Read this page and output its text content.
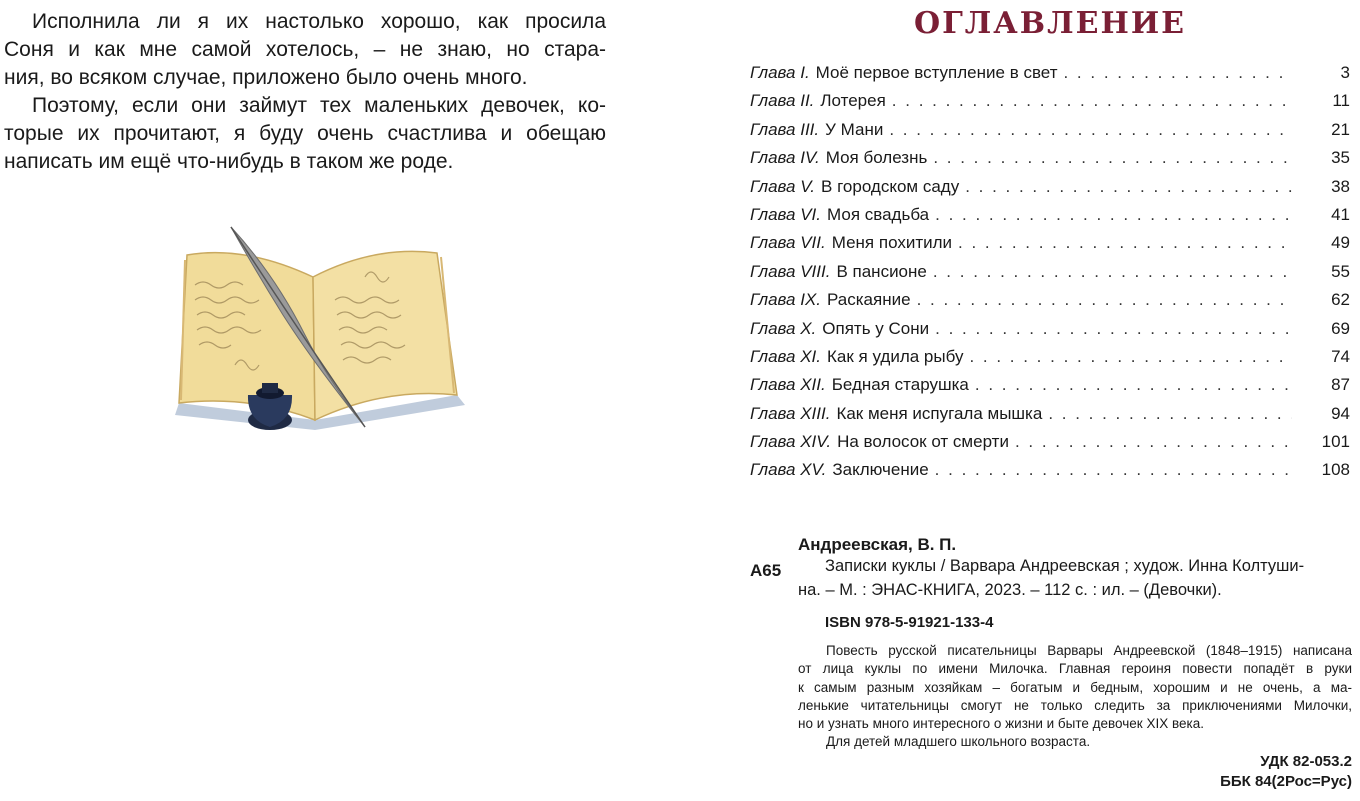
Исполнила ли я их настолько хорошо, как просила

Соня и как мне самой хотелось, – не знаю, но стара-

ния, во всяком случае, приложено было очень много.

Поэтому, если они займут тех маленьких девочек, ко-

торые их прочитают, я буду очень счастлива и обещаю

написать им ещё что-нибудь в таком же роде.

ОГЛАВЛЕНИЕ
Глава I. Моё первое вступление в свет . . .	3
Глава II. Лотерея . . .	11
Глава III. У Мани . . .	21
Глава IV. Моя болезнь . . .	35
Глава V. В городском саду . . .	38
Глава VI. Моя свадьба . . .	41
Глава VII. Меня похитили . . .	49
Глава VIII. В пансионе . . .	55
Глава IX. Раскаяние . . .	62
Глава X. Опять у Сони . . .	69
Глава XI. Как я удила рыбу . . .	74
Глава XII. Бедная старушка . . .	87
Глава XIII. Как меня испугала мышка . . .	94
Глава XIV. На волосок от смерти . . .	101
Глава XV. Заключение . . .	108
Андреевская, В. П.
А65	Записки куклы / Варвара Андреевская ; худож. Инна Колтуши-
на. – М. : ЭНАС-КНИГА, 2023. – 112 с. : ил. – (Девочки).
ISBN 978-5-91921-133-4
Повесть русской писательницы Варвары Андреевской (1848–1915) написана
от лица куклы по имени Милочка. Главная героиня повести попадёт в руки
к самым разным хозяйкам – богатым и бедным, хорошим и не очень, а ма-
ленькие читательницы смогут не только следить за приключениями Милочки,
но и узнать много интересного о жизни и быте девочек XIX века.
Для детей младшего школьного возраста.
УДК 82-053.2
ББК 84(2Рос=Рус)
